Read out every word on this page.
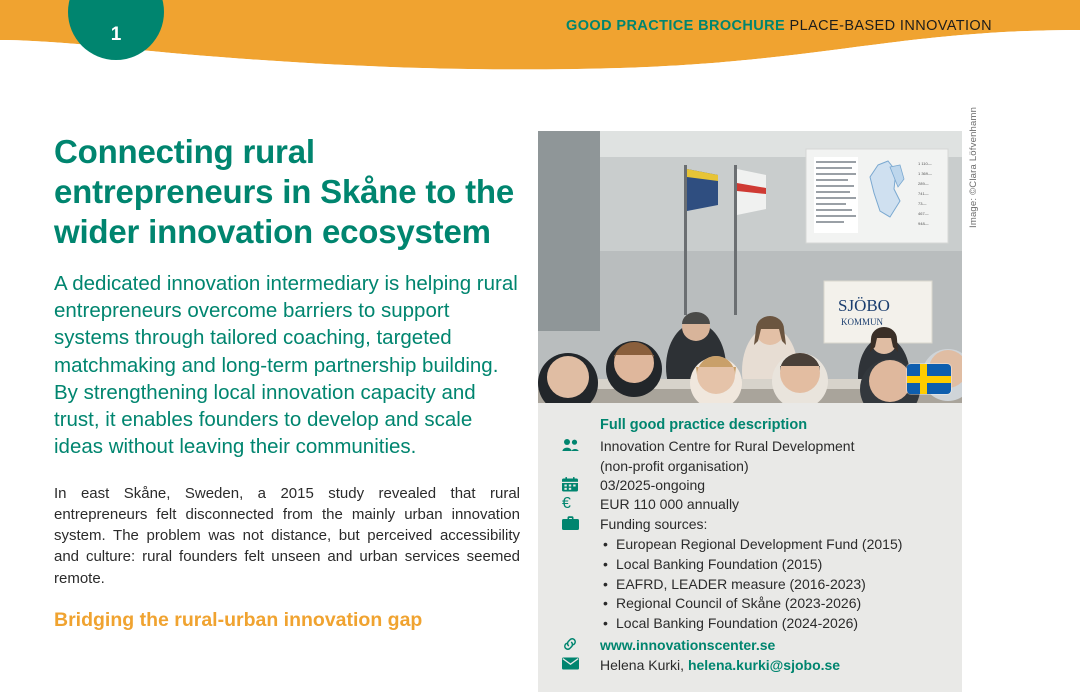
1	GOOD PRACTICE BROCHURE PLACE-BASED INNOVATION
Connecting rural entrepreneurs in Skåne to the wider innovation ecosystem

A dedicated innovation intermediary is helping rural entrepreneurs overcome barriers to support systems through tailored coaching, targeted matchmaking and long-term partnership building. By strengthening local innovation capacity and trust, it enables founders to develop and scale ideas without leaving their communities.

In east Skåne, Sweden, a 2015 study revealed that rural entrepreneurs felt disconnected from the mainly urban innovation system. The problem was not distance, but perceived accessibility and culture: rural founders felt unseen and urban services seemed remote.

Bridging the rural-urban innovation gap
1 110—
1 369—
289—
741—
73—
467—
948—
SJÖBO
KOMMUN
Full good practice description
Innovation Centre for Rural Development
(non-profit organisation)
03/2025-ongoing
€	EUR 110 000 annually
Funding sources:
• European Regional Development Fund (2015)
• Local Banking Foundation (2015)
• EAFRD, LEADER measure (2016-2023)
• Regional Council of Skåne (2023-2026)
• Local Banking Foundation (2024-2026)
www.innovationscenter.se
Helena Kurki, helena.kurki@sjobo.se
Image: ©Clara Löfvenhamn
